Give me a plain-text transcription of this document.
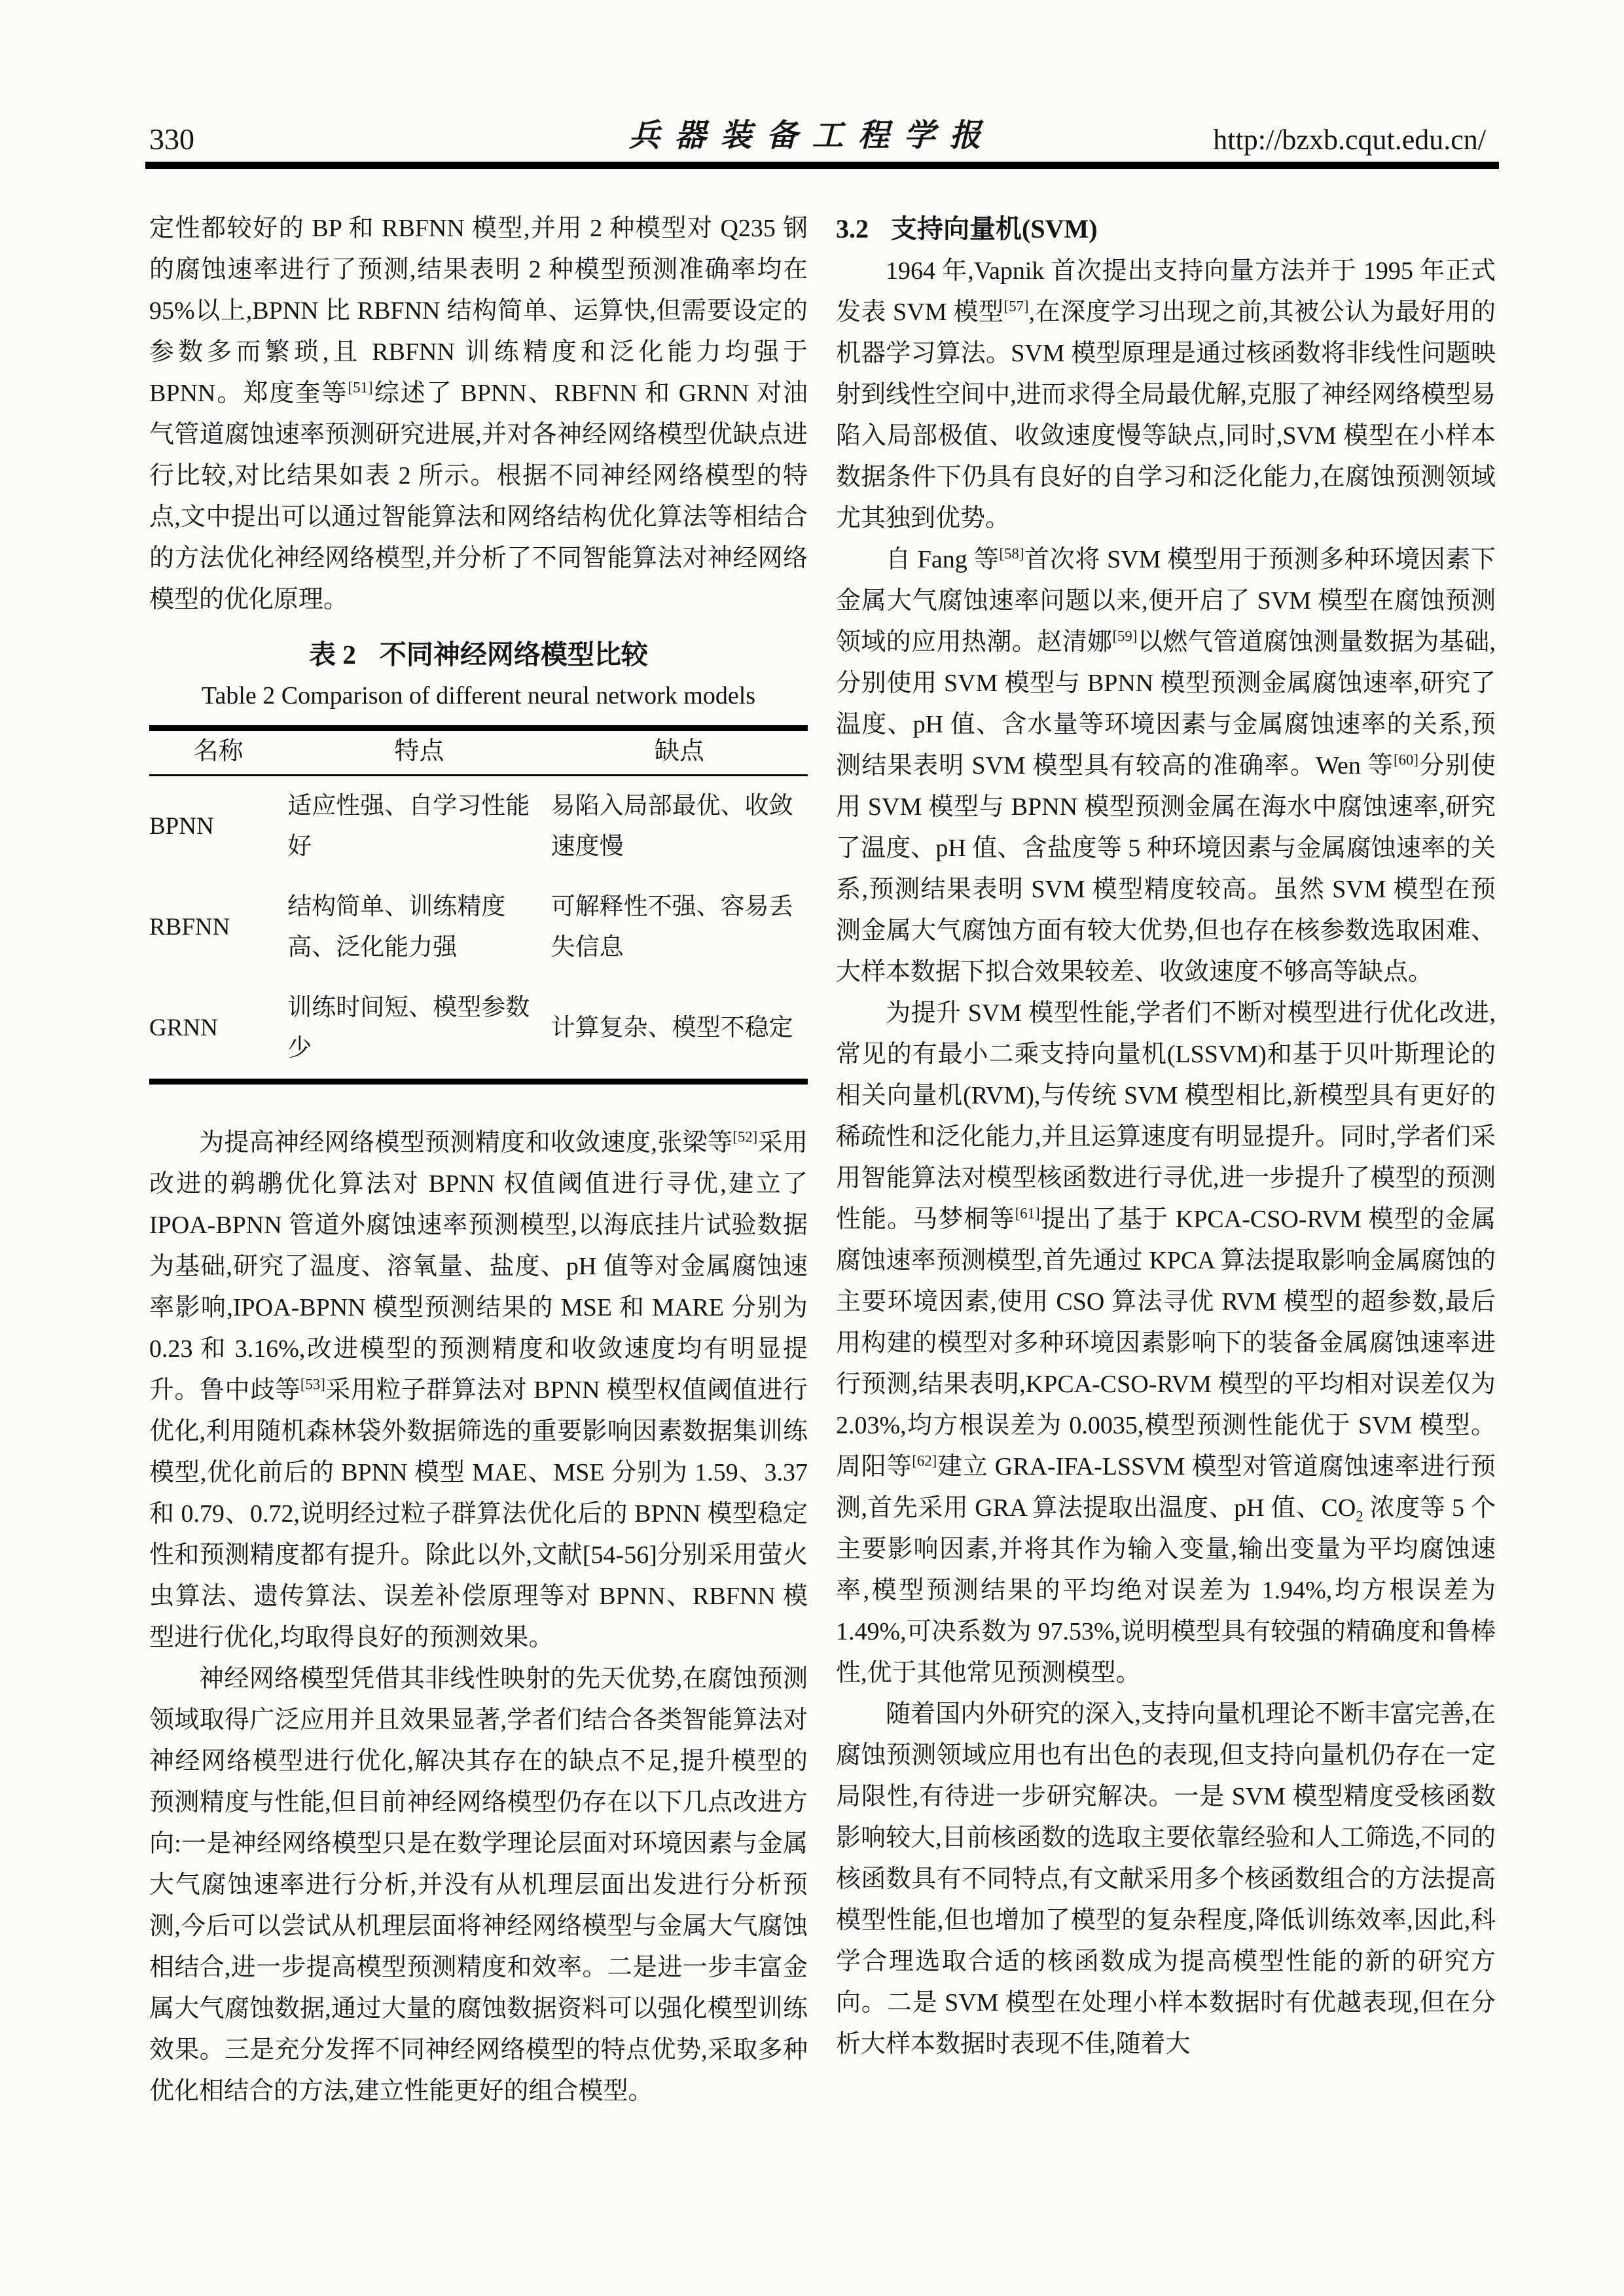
330	兵器装备工程学报	http://bzxb.cqut.edu.cn/

定性都较好的 BP 和 RBFNN 模型,并用 2 种模型对 Q235 钢的腐蚀速率进行了预测,结果表明 2 种模型预测准确率均在 95%以上,BPNN 比 RBFNN 结构简单、运算快,但需要设定的参数多而繁琐,且 RBFNN 训练精度和泛化能力均强于 BPNN。郑度奎等[51]综述了 BPNN、RBFNN 和 GRNN 对油气管道腐蚀速率预测研究进展,并对各神经网络模型优缺点进行比较,对比结果如表 2 所示。根据不同神经网络模型的特点,文中提出可以通过智能算法和网络结构优化算法等相结合的方法优化神经网络模型,并分析了不同智能算法对神经网络模型的优化原理。

表 2 不同神经网络模型比较
Table 2 Comparison of different neural network models
名称	特点	缺点
BPNN	适应性强、自学习性能好	易陷入局部最优、收敛速度慢
RBFNN	结构简单、训练精度高、泛化能力强	可解释性不强、容易丢失信息
GRNN	训练时间短、模型参数少	计算复杂、模型不稳定

为提高神经网络模型预测精度和收敛速度,张梁等[52]采用改进的鹈鹕优化算法对 BPNN 权值阈值进行寻优,建立了 IPOA-BPNN 管道外腐蚀速率预测模型,以海底挂片试验数据为基础,研究了温度、溶氧量、盐度、pH 值等对金属腐蚀速率影响,IPOA-BPNN 模型预测结果的 MSE 和 MARE 分别为 0.23 和 3.16%,改进模型的预测精度和收敛速度均有明显提升。鲁中歧等[53]采用粒子群算法对 BPNN 模型权值阈值进行优化,利用随机森林袋外数据筛选的重要影响因素数据集训练模型,优化前后的 BPNN 模型 MAE、MSE 分别为 1.59、3.37 和 0.79、0.72,说明经过粒子群算法优化后的 BPNN 模型稳定性和预测精度都有提升。除此以外,文献[54-56]分别采用萤火虫算法、遗传算法、误差补偿原理等对 BPNN、RBFNN 模型进行优化,均取得良好的预测效果。

神经网络模型凭借其非线性映射的先天优势,在腐蚀预测领域取得广泛应用并且效果显著,学者们结合各类智能算法对神经网络模型进行优化,解决其存在的缺点不足,提升模型的预测精度与性能,但目前神经网络模型仍存在以下几点改进方向:一是神经网络模型只是在数学理论层面对环境因素与金属大气腐蚀速率进行分析,并没有从机理层面出发进行分析预测,今后可以尝试从机理层面将神经网络模型与金属大气腐蚀相结合,进一步提高模型预测精度和效率。二是进一步丰富金属大气腐蚀数据,通过大量的腐蚀数据资料可以强化模型训练效果。三是充分发挥不同神经网络模型的特点优势,采取多种优化相结合的方法,建立性能更好的组合模型。

3.2 支持向量机(SVM)

1964 年,Vapnik 首次提出支持向量方法并于 1995 年正式发表 SVM 模型[57],在深度学习出现之前,其被公认为最好用的机器学习算法。SVM 模型原理是通过核函数将非线性问题映射到线性空间中,进而求得全局最优解,克服了神经网络模型易陷入局部极值、收敛速度慢等缺点,同时,SVM 模型在小样本数据条件下仍具有良好的自学习和泛化能力,在腐蚀预测领域尤其独到优势。

自 Fang 等[58]首次将 SVM 模型用于预测多种环境因素下金属大气腐蚀速率问题以来,便开启了 SVM 模型在腐蚀预测领域的应用热潮。赵清娜[59]以燃气管道腐蚀测量数据为基础,分别使用 SVM 模型与 BPNN 模型预测金属腐蚀速率,研究了温度、pH 值、含水量等环境因素与金属腐蚀速率的关系,预测结果表明 SVM 模型具有较高的准确率。Wen 等[60]分别使用 SVM 模型与 BPNN 模型预测金属在海水中腐蚀速率,研究了温度、pH 值、含盐度等 5 种环境因素与金属腐蚀速率的关系,预测结果表明 SVM 模型精度较高。虽然 SVM 模型在预测金属大气腐蚀方面有较大优势,但也存在核参数选取困难、大样本数据下拟合效果较差、收敛速度不够高等缺点。

为提升 SVM 模型性能,学者们不断对模型进行优化改进,常见的有最小二乘支持向量机(LSSVM)和基于贝叶斯理论的相关向量机(RVM),与传统 SVM 模型相比,新模型具有更好的稀疏性和泛化能力,并且运算速度有明显提升。同时,学者们采用智能算法对模型核函数进行寻优,进一步提升了模型的预测性能。马梦桐等[61]提出了基于 KPCA-CSO-RVM 模型的金属腐蚀速率预测模型,首先通过 KPCA 算法提取影响金属腐蚀的主要环境因素,使用 CSO 算法寻优 RVM 模型的超参数,最后用构建的模型对多种环境因素影响下的装备金属腐蚀速率进行预测,结果表明,KPCA-CSO-RVM 模型的平均相对误差仅为 2.03%,均方根误差为 0.0035,模型预测性能优于 SVM 模型。周阳等[62]建立 GRA-IFA-LSSVM 模型对管道腐蚀速率进行预测,首先采用 GRA 算法提取出温度、pH 值、$CO_2$ 浓度等 5 个主要影响因素,并将其作为输入变量,输出变量为平均腐蚀速率,模型预测结果的平均绝对误差为 1.94%,均方根误差为 1.49%,可决系数为 97.53%,说明模型具有较强的精确度和鲁棒性,优于其他常见预测模型。

随着国内外研究的深入,支持向量机理论不断丰富完善,在腐蚀预测领域应用也有出色的表现,但支持向量机仍存在一定局限性,有待进一步研究解决。一是 SVM 模型精度受核函数影响较大,目前核函数的选取主要依靠经验和人工筛选,不同的核函数具有不同特点,有文献采用多个核函数组合的方法提高模型性能,但也增加了模型的复杂程度,降低训练效率,因此,科学合理选取合适的核函数成为提高模型性能的新的研究方向。二是 SVM 模型在处理小样本数据时有优越表现,但在分析大样本数据时表现不佳,随着大
